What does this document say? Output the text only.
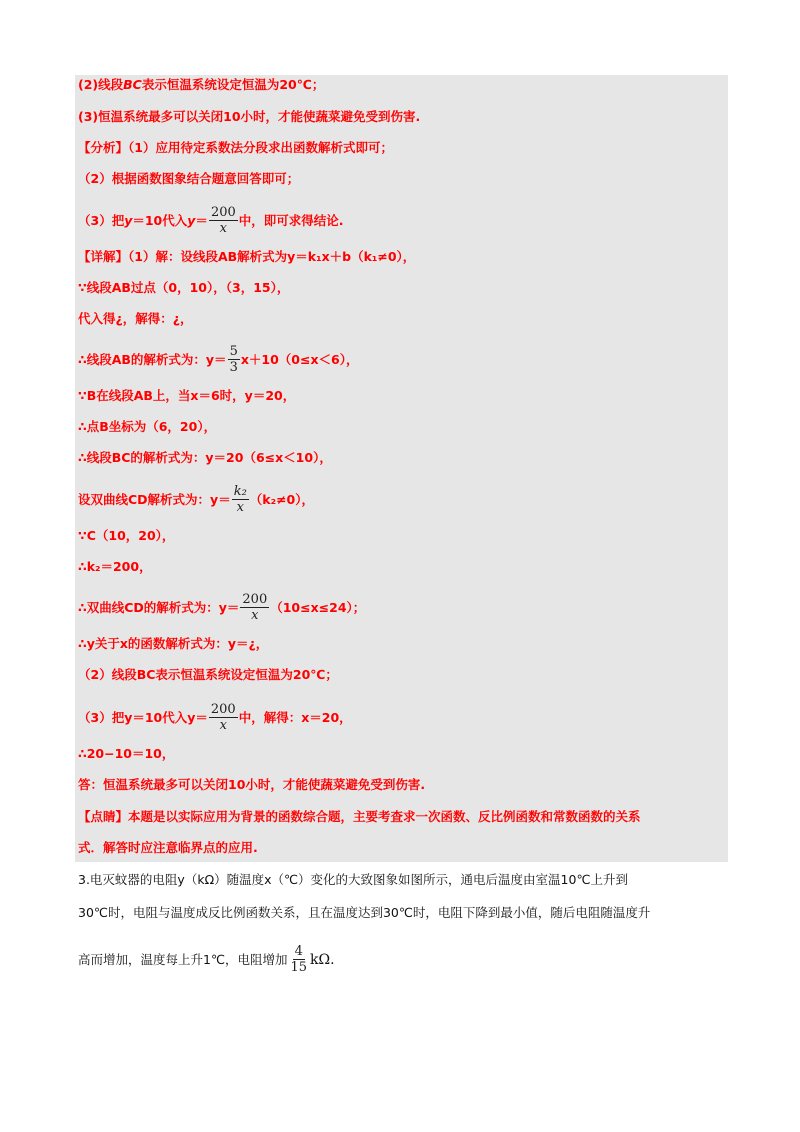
(2)线段 BC 表示恒温系统设定恒温为20℃；
(3)恒温系统最多可以关闭10小时，才能使蔬菜避免受到伤害.
【分析】（1）应用待定系数法分段求出函数解析式即可；
（2）根据函数图象结合题意回答即可；
（3）把 y ＝10代入 $y = \frac{200}{x}$ 中，即可求得结论.
【详解】（1）解：设线段AB解析式为y＝k₁x＋b（k₁≠0），
∵线段AB过点（0，10），（3，15），
代入得¿，解得：¿，
∴线段AB的解析式为：$y= \frac{5}{3} x+10(0\le x<6)$，
∵B在线段AB上，当x＝6时，y＝20，
∴点B坐标为（6，20），
∴线段BC的解析式为：y＝20（6≤x＜10），
设双曲线CD解析式为：$y= \frac{\text{k₂}}{x} (k_2\ne 0)$，
∵C（10，20），
∴k₂＝200，
∴双曲线CD的解析式为：$y= \frac{200}{x} (10\le x\le 24)$；
∴y关于x的函数解析式为：y＝¿，
（2）线段BC表示恒温系统设定恒温为20℃；
（3）把y＝10代入$y= \frac{200}{x}$ 中，解得：x＝20，
∴20−10＝10，
答：恒温系统最多可以关闭10小时，才能使蔬菜避免受到伤害.
【点睛】本题是以实际应用为背景的函数综合题，主要考查求一次函数、反比例函数和常数函数的关系
式．解答时应注意临界点的应用.
3.电灭蚊器的电阻y（kΩ）随温度x（℃）变化的大致图象如图所示，通电后温度由室温10℃上升到
30℃时，电阻与温度成反比例函数关系，且在温度达到30℃时，电阻下降到最小值，随后电阻随温度升
高而增加，温度每上升1℃，电阻增加 $\frac{4}{15} k\Omega$.
